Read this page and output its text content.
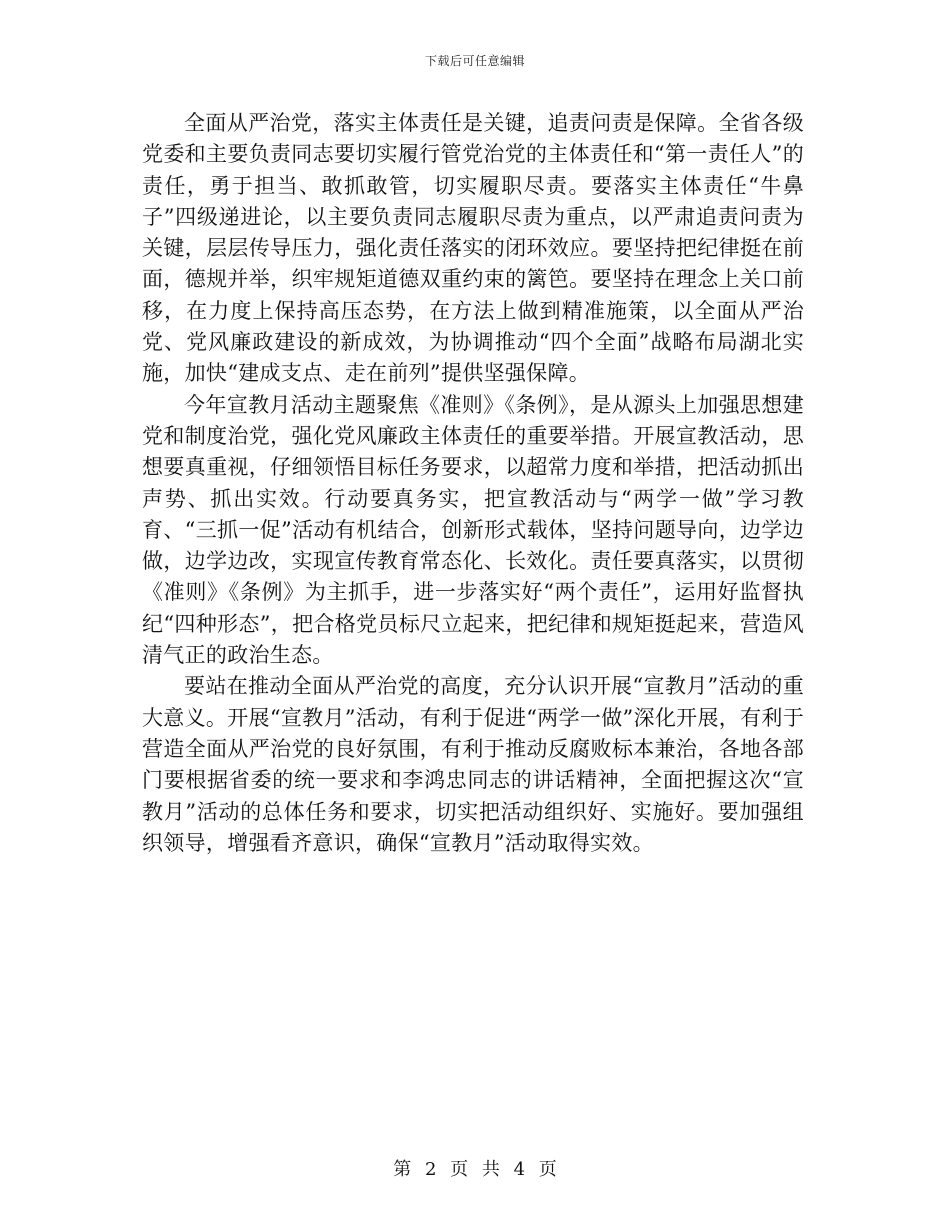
下载后可任意编辑

全面从严治党，落实主体责任是关键，追责问责是保障。全省各级党委和主要负责同志要切实履行管党治党的主体责任和“第一责任人”的责任，勇于担当、敢抓敢管，切实履职尽责。要落实主体责任“牛鼻子”四级递进论，以主要负责同志履职尽责为重点，以严肃追责问责为关键，层层传导压力，强化责任落实的闭环效应。要坚持把纪律挺在前面，德规并举，织牢规矩道德双重约束的篱笆。要坚持在理念上关口前移，在力度上保持高压态势，在方法上做到精准施策，以全面从严治党、党风廉政建设的新成效，为协调推动“四个全面”战略布局湖北实施，加快“建成支点、走在前列”提供坚强保障。

今年宣教月活动主题聚焦《准则》《条例》，是从源头上加强思想建党和制度治党，强化党风廉政主体责任的重要举措。开展宣教活动，思想要真重视，仔细领悟目标任务要求，以超常力度和举措，把活动抓出声势、抓出实效。行动要真务实，把宣教活动与“两学一做”学习教育、“三抓一促”活动有机结合，创新形式载体，坚持问题导向，边学边做，边学边改，实现宣传教育常态化、长效化。责任要真落实，以贯彻《准则》《条例》为主抓手，进一步落实好“两个责任”，运用好监督执纪“四种形态”，把合格党员标尺立起来，把纪律和规矩挺起来，营造风清气正的政治生态。

要站在推动全面从严治党的高度，充分认识开展“宣教月”活动的重大意义。开展“宣教月”活动，有利于促进“两学一做”深化开展，有利于营造全面从严治党的良好氛围，有利于推动反腐败标本兼治，各地各部门要根据省委的统一要求和李鸿忠同志的讲话精神，全面把握这次“宣教月”活动的总体任务和要求，切实把活动组织好、实施好。要加强组织领导，增强看齐意识，确保“宣教月”活动取得实效。

第 2 页 共 4 页
